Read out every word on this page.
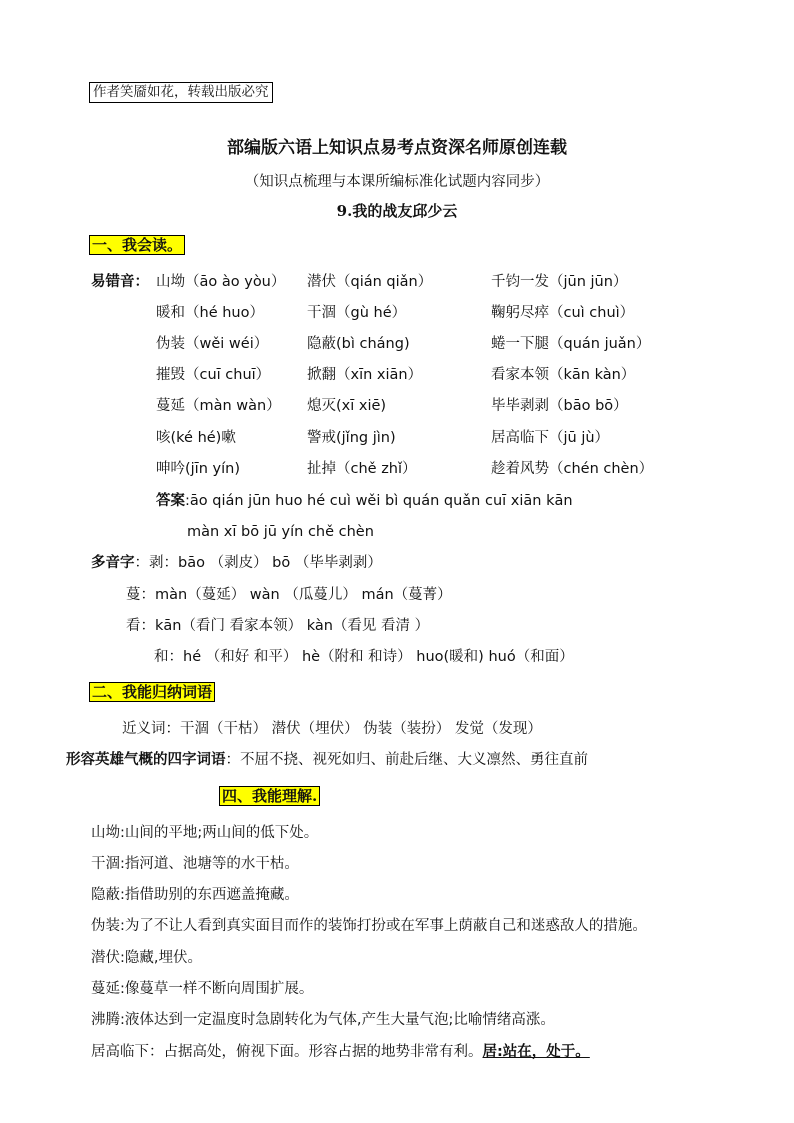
作者笑靥如花，转载出版必究
部编版六语上知识点易考点资深名师原创连载
（知识点梳理与本课所编标准化试题内容同步）
9.我的战友邱少云
一、我会读。
易错音： 山坳（āo ào yòu） 潜伏（qián qiǎn）	千钧一发（jūn jūn）
暖和（hé huo）	干涸（gù hé）	鞠躬尽瘁（cuì chuì）
伪装（wěi wéi）	隐蔽(bì cháng)	蜷一下腿（quán juǎn）
摧毁（cuī chuī）	掀翻（xīn xiān）	看家本领（kān kàn）
蔓延（màn wàn） 熄灭(xī xiē)	毕毕剥剥（bāo bō）
咳(ké hé)嗽	警戒(jǐng jìn)	居高临下（jū jù）
呻吟(jīn yín)	扯掉（chě zhǐ）	趁着风势（chén chèn）
答案:āo qián jūn huo hé cuì wěi bì quán quǎn cuī xiān kān
màn xī bō jū yín chě chèn
多音字：剥：bāo （剥皮） bō （毕毕剥剥）
蔓：màn（蔓延） wàn （瓜蔓儿） mán（蔓菁）
看：kān（看门 看家本领） kàn（看见 看清 ）
和：hé （和好 和平） hè（附和 和诗） huo(暖和) huó（和面）
二、我能归纳词语
近义词：干涸（干枯） 潜伏（埋伏） 伪装（装扮） 发觉（发现）
形容英雄气概的四字词语：不屈不挠、视死如归、前赴后继、大义凛然、勇往直前
四、我能理解.
山坳:山间的平地;两山间的低下处。
干涸:指河道、池塘等的水干枯。
隐蔽:指借助别的东西遮盖掩藏。
伪装:为了不让人看到真实面目而作的装饰打扮或在军事上荫蔽自己和迷惑敌人的措施。
潜伏:隐藏,埋伏。
蔓延:像蔓草一样不断向周围扩展。
沸腾:液体达到一定温度时急剧转化为气体,产生大量气泡;比喻情绪高涨。
居高临下：占据高处，俯视下面。形容占据的地势非常有利。居:站在，处于。
